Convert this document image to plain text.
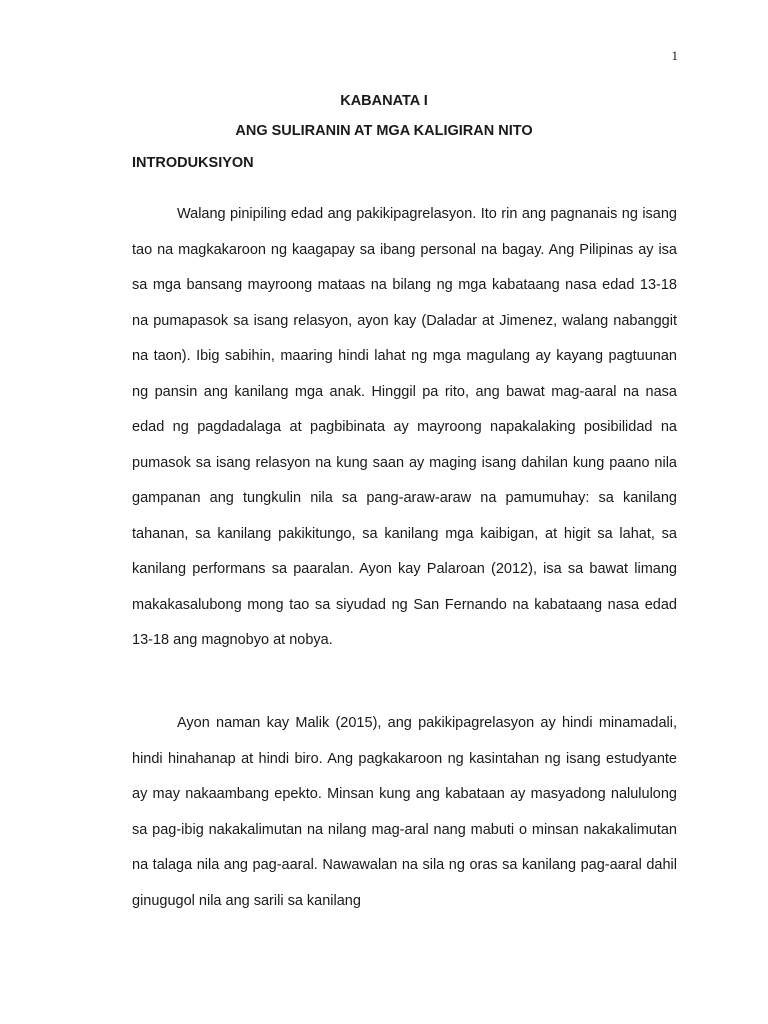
1
KABANATA I
ANG SULIRANIN AT MGA KALIGIRAN NITO
INTRODUKSIYON

Walang pinipiling edad ang pakikipagrelasyon. Ito rin ang pagnanais ng isang tao na magkakaroon ng kaagapay sa ibang personal na bagay. Ang Pilipinas ay isa sa mga bansang mayroong mataas na bilang ng mga kabataang nasa edad 13-18 na pumapasok sa isang relasyon, ayon kay (Daladar at Jimenez, walang nabanggit na taon). Ibig sabihin, maaring hindi lahat ng mga magulang ay kayang pagtuunan ng pansin ang kanilang mga anak. Hinggil pa rito, ang bawat mag-aaral na nasa edad ng pagdadalaga at pagbibinata ay mayroong napakalaking posibilidad na pumasok sa isang relasyon na kung saan ay maging isang dahilan kung paano nila gampanan ang tungkulin nila sa pang-araw-araw na pamumuhay: sa kanilang tahanan, sa kanilang pakikitungo, sa kanilang mga kaibigan, at higit sa lahat, sa kanilang performans sa paaralan. Ayon kay Palaroan (2012), isa sa bawat limang makakasalubong mong tao sa siyudad ng San Fernando na kabataang nasa edad 13-18 ang magnobyo at nobya.

Ayon naman kay Malik (2015), ang pakikipagrelasyon ay hindi minamadali, hindi hinahanap at hindi biro. Ang pagkakaroon ng kasintahan ng isang estudyante ay may nakaambang epekto. Minsan kung ang kabataan ay masyadong nalululong sa pag-ibig nakakalimutan na nilang mag-aral nang mabuti o minsan nakakalimutan na talaga nila ang pag-aaral. Nawawalan na sila ng oras sa kanilang pag-aaral dahil ginugugol nila ang sarili sa kanilang
